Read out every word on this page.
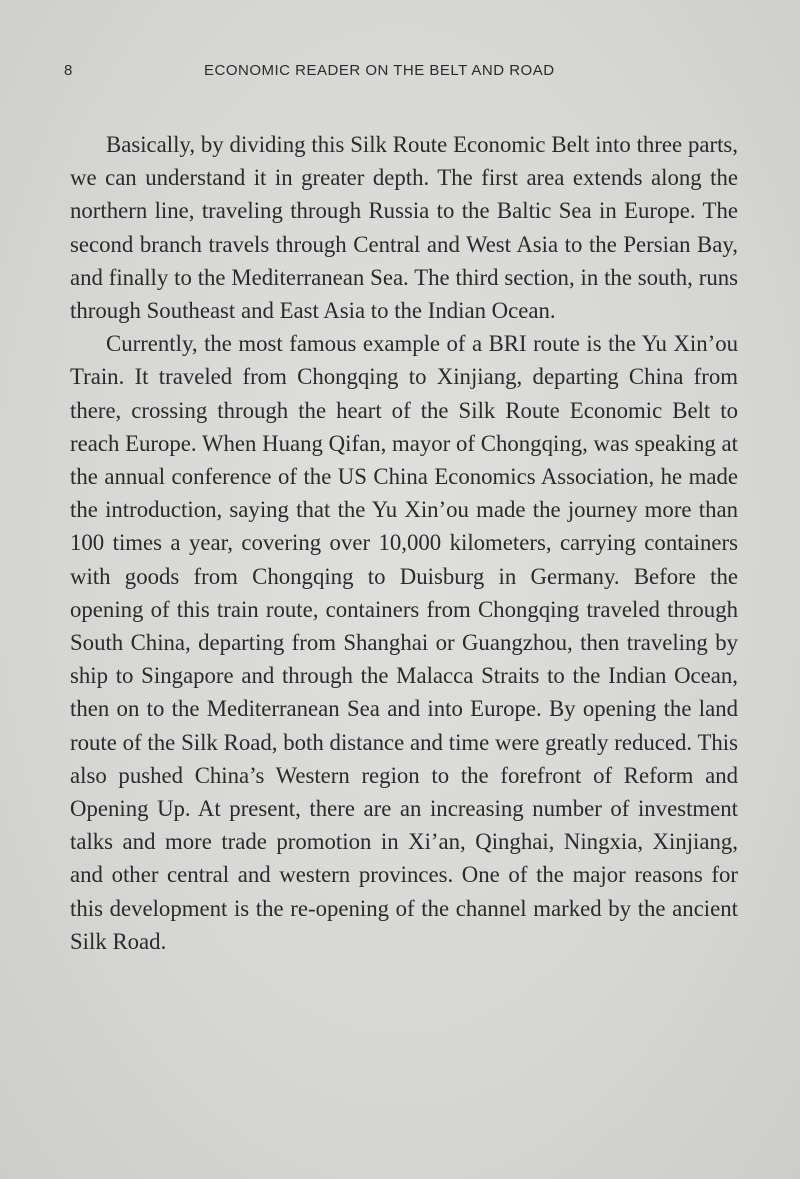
8	ECONOMIC READER ON THE BELT AND ROAD

Basically, by dividing this Silk Route Economic Belt into three parts, we can understand it in greater depth. The first area extends along the northern line, traveling through Russia to the Baltic Sea in Europe. The second branch travels through Central and West Asia to the Persian Bay, and finally to the Mediterranean Sea. The third section, in the south, runs through Southeast and East Asia to the Indian Ocean.

Currently, the most famous example of a BRI route is the Yu Xin’ou Train. It traveled from Chongqing to Xinjiang, departing China from there, crossing through the heart of the Silk Route Economic Belt to reach Europe. When Huang Qifan, mayor of Chongqing, was speaking at the annual conference of the US China Economics Association, he made the introduction, saying that the Yu Xin’ou made the journey more than 100 times a year, covering over 10,000 kilometers, carrying containers with goods from Chongqing to Duisburg in Germany. Before the opening of this train route, containers from Chongqing traveled through South China, departing from Shanghai or Guangzhou, then traveling by ship to Singapore and through the Malacca Straits to the Indian Ocean, then on to the Mediterranean Sea and into Europe. By opening the land route of the Silk Road, both distance and time were greatly reduced. This also pushed China’s Western region to the forefront of Reform and Opening Up. At present, there are an increasing number of investment talks and more trade promotion in Xi’an, Qinghai, Ningxia, Xinjiang, and other central and western provinces. One of the major reasons for this development is the re-opening of the channel marked by the ancient Silk Road.
